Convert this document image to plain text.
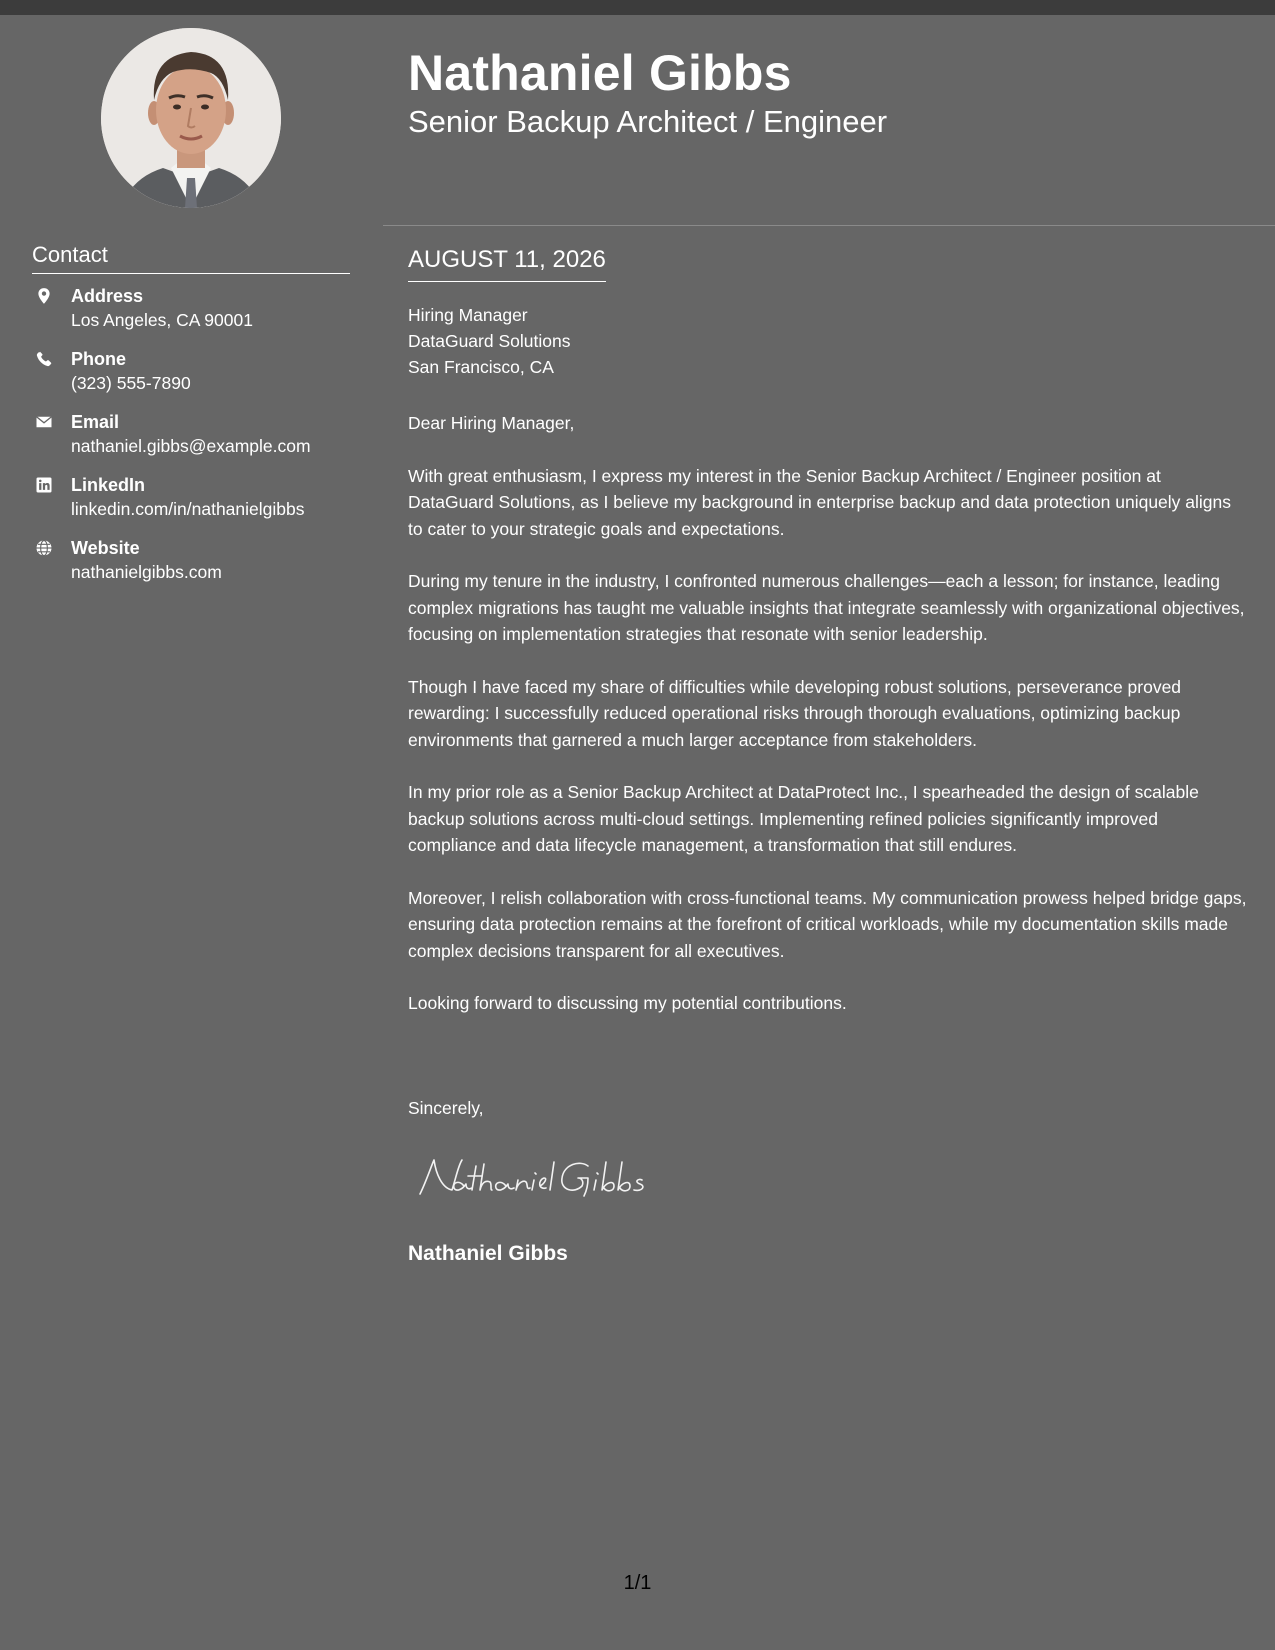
Nathaniel Gibbs
Senior Backup Architect / Engineer
Contact
Address
Los Angeles, CA 90001
Phone
(323) 555-7890
Email
nathaniel.gibbs@example.com
LinkedIn
linkedin.com/in/nathanielgibbs
Website
nathanielgibbs.com
AUGUST 11, 2026
Hiring Manager
DataGuard Solutions
San Francisco, CA

Dear Hiring Manager,

With great enthusiasm, I express my interest in the Senior Backup Architect / Engineer position at DataGuard Solutions, as I believe my background in enterprise backup and data protection uniquely aligns to cater to your strategic goals and expectations.

During my tenure in the industry, I confronted numerous challenges—each a lesson; for instance, leading complex migrations has taught me valuable insights that integrate seamlessly with organizational objectives, focusing on implementation strategies that resonate with senior leadership.

Though I have faced my share of difficulties while developing robust solutions, perseverance proved rewarding: I successfully reduced operational risks through thorough evaluations, optimizing backup environments that garnered a much larger acceptance from stakeholders.

In my prior role as a Senior Backup Architect at DataProtect Inc., I spearheaded the design of scalable backup solutions across multi-cloud settings. Implementing refined policies significantly improved compliance and data lifecycle management, a transformation that still endures.

Moreover, I relish collaboration with cross-functional teams. My communication prowess helped bridge gaps, ensuring data protection remains at the forefront of critical workloads, while my documentation skills made complex decisions transparent for all executives.

Looking forward to discussing my potential contributions.

Sincerely,
Nathaniel Gibbs
1/1
